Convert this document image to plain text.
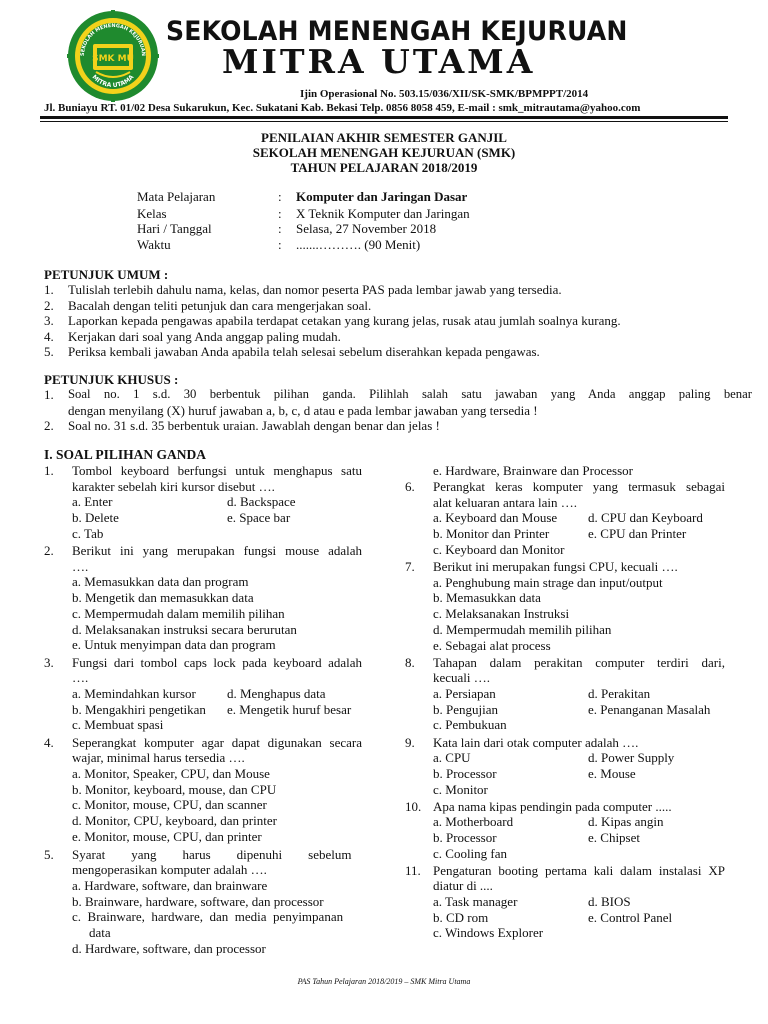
SMK MU
SEKOLAH MENENGAH KEJURUAN
MITRA UTAMA
SEKOLAH MENENGAH KEJURUAN
MITRA UTAMA
Ijin Operasional No. 503.15/036/XII/SK-SMK/BPMPPT/2014
Jl. Buniayu RT. 01/02 Desa Sukarukun, Kec. Sukatani Kab. Bekasi Telp. 0856 8058 459, E-mail : smk_mitrautama@yahoo.com
PENILAIAN AKHIR SEMESTER GANJIL
SEKOLAH MENENGAH KEJURUAN (SMK)
TAHUN PELAJARAN 2018/2019
Mata Pelajaran	: Komputer dan Jaringan Dasar
Kelas	: X Teknik Komputer dan Jaringan
Hari / Tanggal	: Selasa, 27 November 2018
Waktu	: .......………. (90 Menit)
PETUNJUK UMUM :
1. Tulislah terlebih dahulu nama, kelas, dan nomor peserta PAS pada lembar jawab yang tersedia.
2. Bacalah dengan teliti petunjuk dan cara mengerjakan soal.
3. Laporkan kepada pengawas apabila terdapat cetakan yang kurang jelas, rusak atau jumlah soalnya kurang.
4. Kerjakan dari soal yang Anda anggap paling mudah.
5. Periksa kembali jawaban Anda apabila telah selesai sebelum diserahkan kepada pengawas.
PETUNJUK KHUSUS :
1. Soal no. 1 s.d. 30 berbentuk pilihan ganda. Pilihlah salah satu jawaban yang Anda anggap paling benar
dengan menyilang (X) huruf jawaban a, b, c, d atau e pada lembar jawaban yang tersedia !
2. Soal no. 31 s.d. 35 berbentuk uraian. Jawablah dengan benar dan jelas !
I. SOAL PILIHAN GANDA
1. Tombol keyboard berfungsi untuk menghapus satu
karakter sebelah kiri kursor disebut ….
a. Enter	d. Backspace
b. Delete	e. Space bar
c. Tab
2. Berikut ini yang merupakan fungsi mouse adalah
….
a. Memasukkan data dan program
b. Mengetik dan memasukkan data
c. Mempermudah dalam memilih pilihan
d. Melaksanakan instruksi secara berurutan
e. Untuk menyimpan data dan program
3. Fungsi dari tombol caps lock pada keyboard adalah
….
a. Memindahkan kursor d. Menghapus data
b. Mengakhiri pengetikan e. Mengetik huruf besar
c. Membuat spasi
4. Seperangkat komputer agar dapat digunakan secara
wajar, minimal harus tersedia ….
a. Monitor, Speaker, CPU, dan Mouse
b. Monitor, keyboard, mouse, dan CPU
c. Monitor, mouse, CPU, dan scanner
d. Monitor, CPU, keyboard, dan printer
e. Monitor, mouse, CPU, dan printer
5. Syarat        yang        harus        dipenuhi        sebelum
mengoperasikan komputer adalah ….
a. Hardware, software, dan brainware
b. Brainware, hardware, software, dan processor
c.  Brainware,  hardware,  dan  media  penyimpanan
data
d. Hardware, software, dan processor
e. Hardware, Brainware dan Processor
6. Perangkat keras komputer yang termasuk sebagai
alat keluaran antara lain ….
a. Keyboard dan Mouse d. CPU dan Keyboard
b. Monitor dan Printer	e. CPU dan Printer
c. Keyboard dan Monitor
7. Berikut ini merupakan fungsi CPU, kecuali ….
a. Penghubung main strage dan input/output
b. Memasukkan data
c. Melaksanakan Instruksi
d. Mempermudah memilih pilihan
e. Sebagai alat process
8. Tahapan dalam perakitan computer terdiri dari,
kecuali ….
a. Persiapan	d. Perakitan
b. Pengujian	e. Penanganan Masalah
c. Pembukuan
9. Kata lain dari otak computer adalah ….
a. CPU	d. Power Supply
b. Processor	e. Mouse
c. Monitor
10. Apa nama kipas pendingin pada computer .....
a. Motherboard	d. Kipas angin
b. Processor	e. Chipset
c. Cooling fan
11. Pengaturan booting pertama kali dalam instalasi XP
diatur di ....
a. Task manager	d. BIOS
b. CD rom	e. Control Panel
c. Windows Explorer
PAS Tahun Pelajaran 2018/2019 – SMK Mitra Utama
